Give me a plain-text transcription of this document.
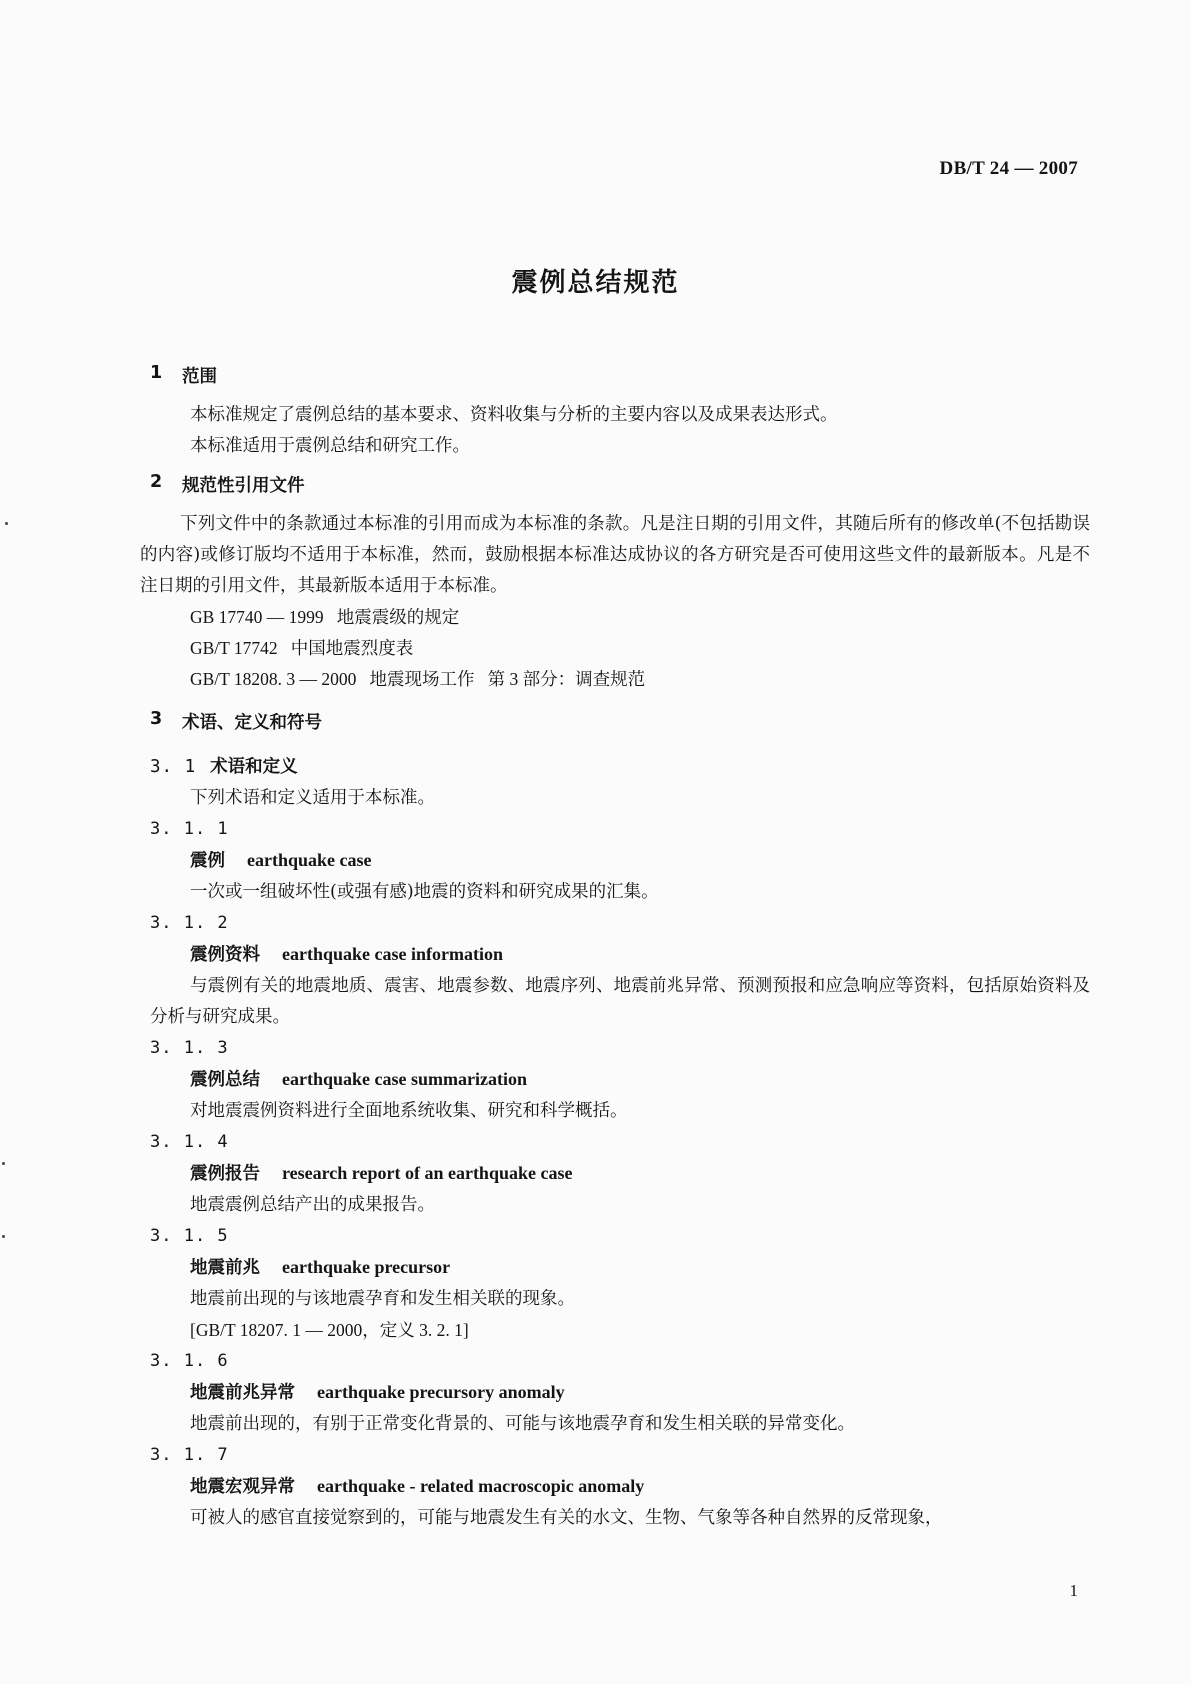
DB/T 24 — 2007
震例总结规范
1	范围
本标准规定了震例总结的基本要求、资料收集与分析的主要内容以及成果表达形式。
本标准适用于震例总结和研究工作。
2	规范性引用文件
下列文件中的条款通过本标准的引用而成为本标准的条款。凡是注日期的引用文件，其随后所有的修改单(不包括勘误的内容)或修订版均不适用于本标准，然而，鼓励根据本标准达成协议的各方研究是否可使用这些文件的最新版本。凡是不注日期的引用文件，其最新版本适用于本标准。
GB 17740 — 1999   地震震级的规定
GB/T 17742   中国地震烈度表
GB/T 18208. 3 — 2000   地震现场工作   第 3 部分：调查规范
3	术语、定义和符号
3. 1 术语和定义
下列术语和定义适用于本标准。
3. 1. 1
震例 earthquake case
一次或一组破坏性(或强有感)地震的资料和研究成果的汇集。
3. 1. 2
震例资料 earthquake case information
与震例有关的地震地质、震害、地震参数、地震序列、地震前兆异常、预测预报和应急响应等资料，包括原始资料及分析与研究成果。
3. 1. 3
震例总结 earthquake case summarization
对地震震例资料进行全面地系统收集、研究和科学概括。
3. 1. 4
震例报告 research report of an earthquake case
地震震例总结产出的成果报告。
3. 1. 5
地震前兆 earthquake precursor
地震前出现的与该地震孕育和发生相关联的现象。
[GB/T 18207. 1 — 2000，定义 3. 2. 1]
3. 1. 6
地震前兆异常 earthquake precursory anomaly
地震前出现的，有别于正常变化背景的、可能与该地震孕育和发生相关联的异常变化。
3. 1. 7
地震宏观异常 earthquake - related macroscopic anomaly
可被人的感官直接觉察到的，可能与地震发生有关的水文、生物、气象等各种自然界的反常现象，
1
